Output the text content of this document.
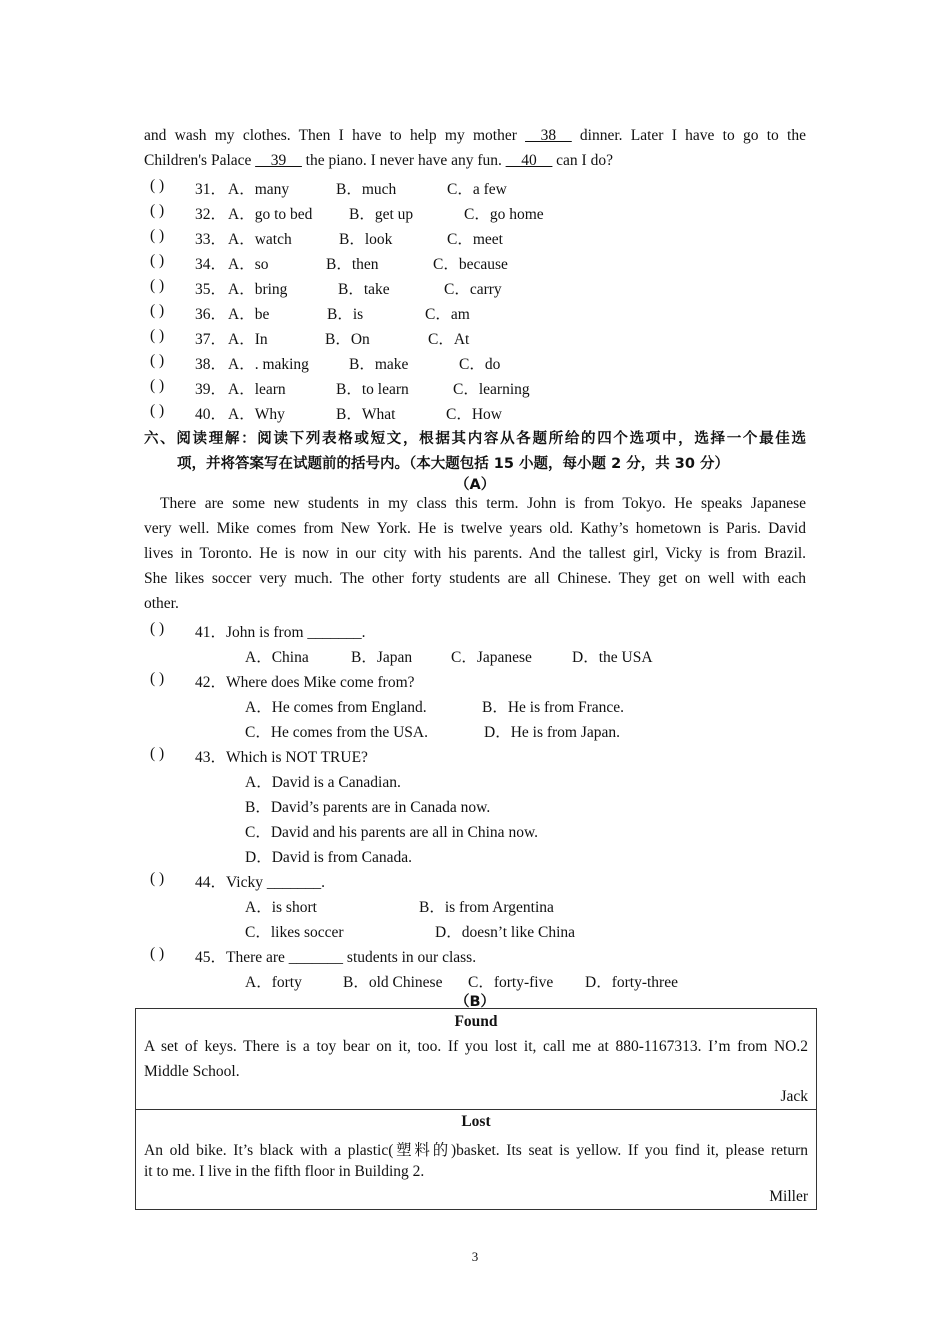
and wash my clothes. Then I have to help my mother __38__ dinner. Later I have to go to the
Children's Palace __39__ the piano. I never have any fun. __40__ can I do?
( ) 31． A．many	B．much	C．a few
( ) 32． A．go to bed B．get up	C．go home
( ) 33． A．watch	B．look	C．meet
( ) 34． A．so	B．then	C．because
( ) 35． A．bring	B．take	C．carry
( ) 36． A．be	B．is	C．am
( ) 37． A．In	B．On	C．At
( ) 38． A．. making	B．make	C．do
( ) 39． A．learn	B．to learn	C．learning
( ) 40． A．Why	B．What	C．How
六、阅读理解：阅读下列表格或短文，根据其内容从各题所给的四个选项中，选择一个最佳选
项，并将答案写在试题前的括号内。（本大题包括 15 小题，每小题 2 分，共 30 分）
（A）
There are some new students in my class this term. John is from Tokyo. He speaks Japanese
very well. Mike comes from New York. He is twelve years old. Kathy’s hometown is Paris. David
lives in Toronto. He is now in our city with his parents. And the tallest girl, Vicky is from Brazil.
She likes soccer very much. The other forty students are all Chinese. They get on well with each
other.
( ) 41．John is from _______.
A．China	B．Japan	C．Japanese	D．the USA
( ) 42．Where does Mike come from?
A．He comes from England.	B．He is from France.
C．He comes from the USA.	D．He is from Japan.
( ) 43．Which is NOT TRUE?
A．David is a Canadian.
B．David’s parents are in Canada now.
C．David and his parents are all in China now.
D．David is from Canada.
( ) 44．Vicky _______.
A．is short	B．is from Argentina
C．likes soccer	D．doesn’t like China
( ) 45．There are _______ students in our class.
A．forty	B．old Chinese C．forty-five D．forty-three
（B）
Found
A set of keys. There is a toy bear on it, too. If you lost it, call me at 880-1167313. I’m from NO.2
Middle School.
Jack
Lost
An old bike. It’s black with a plastic(塑料的)basket. Its seat is yellow. If you find it, please return
it to me. I live in the fifth floor in Building 2.
Miller
3
